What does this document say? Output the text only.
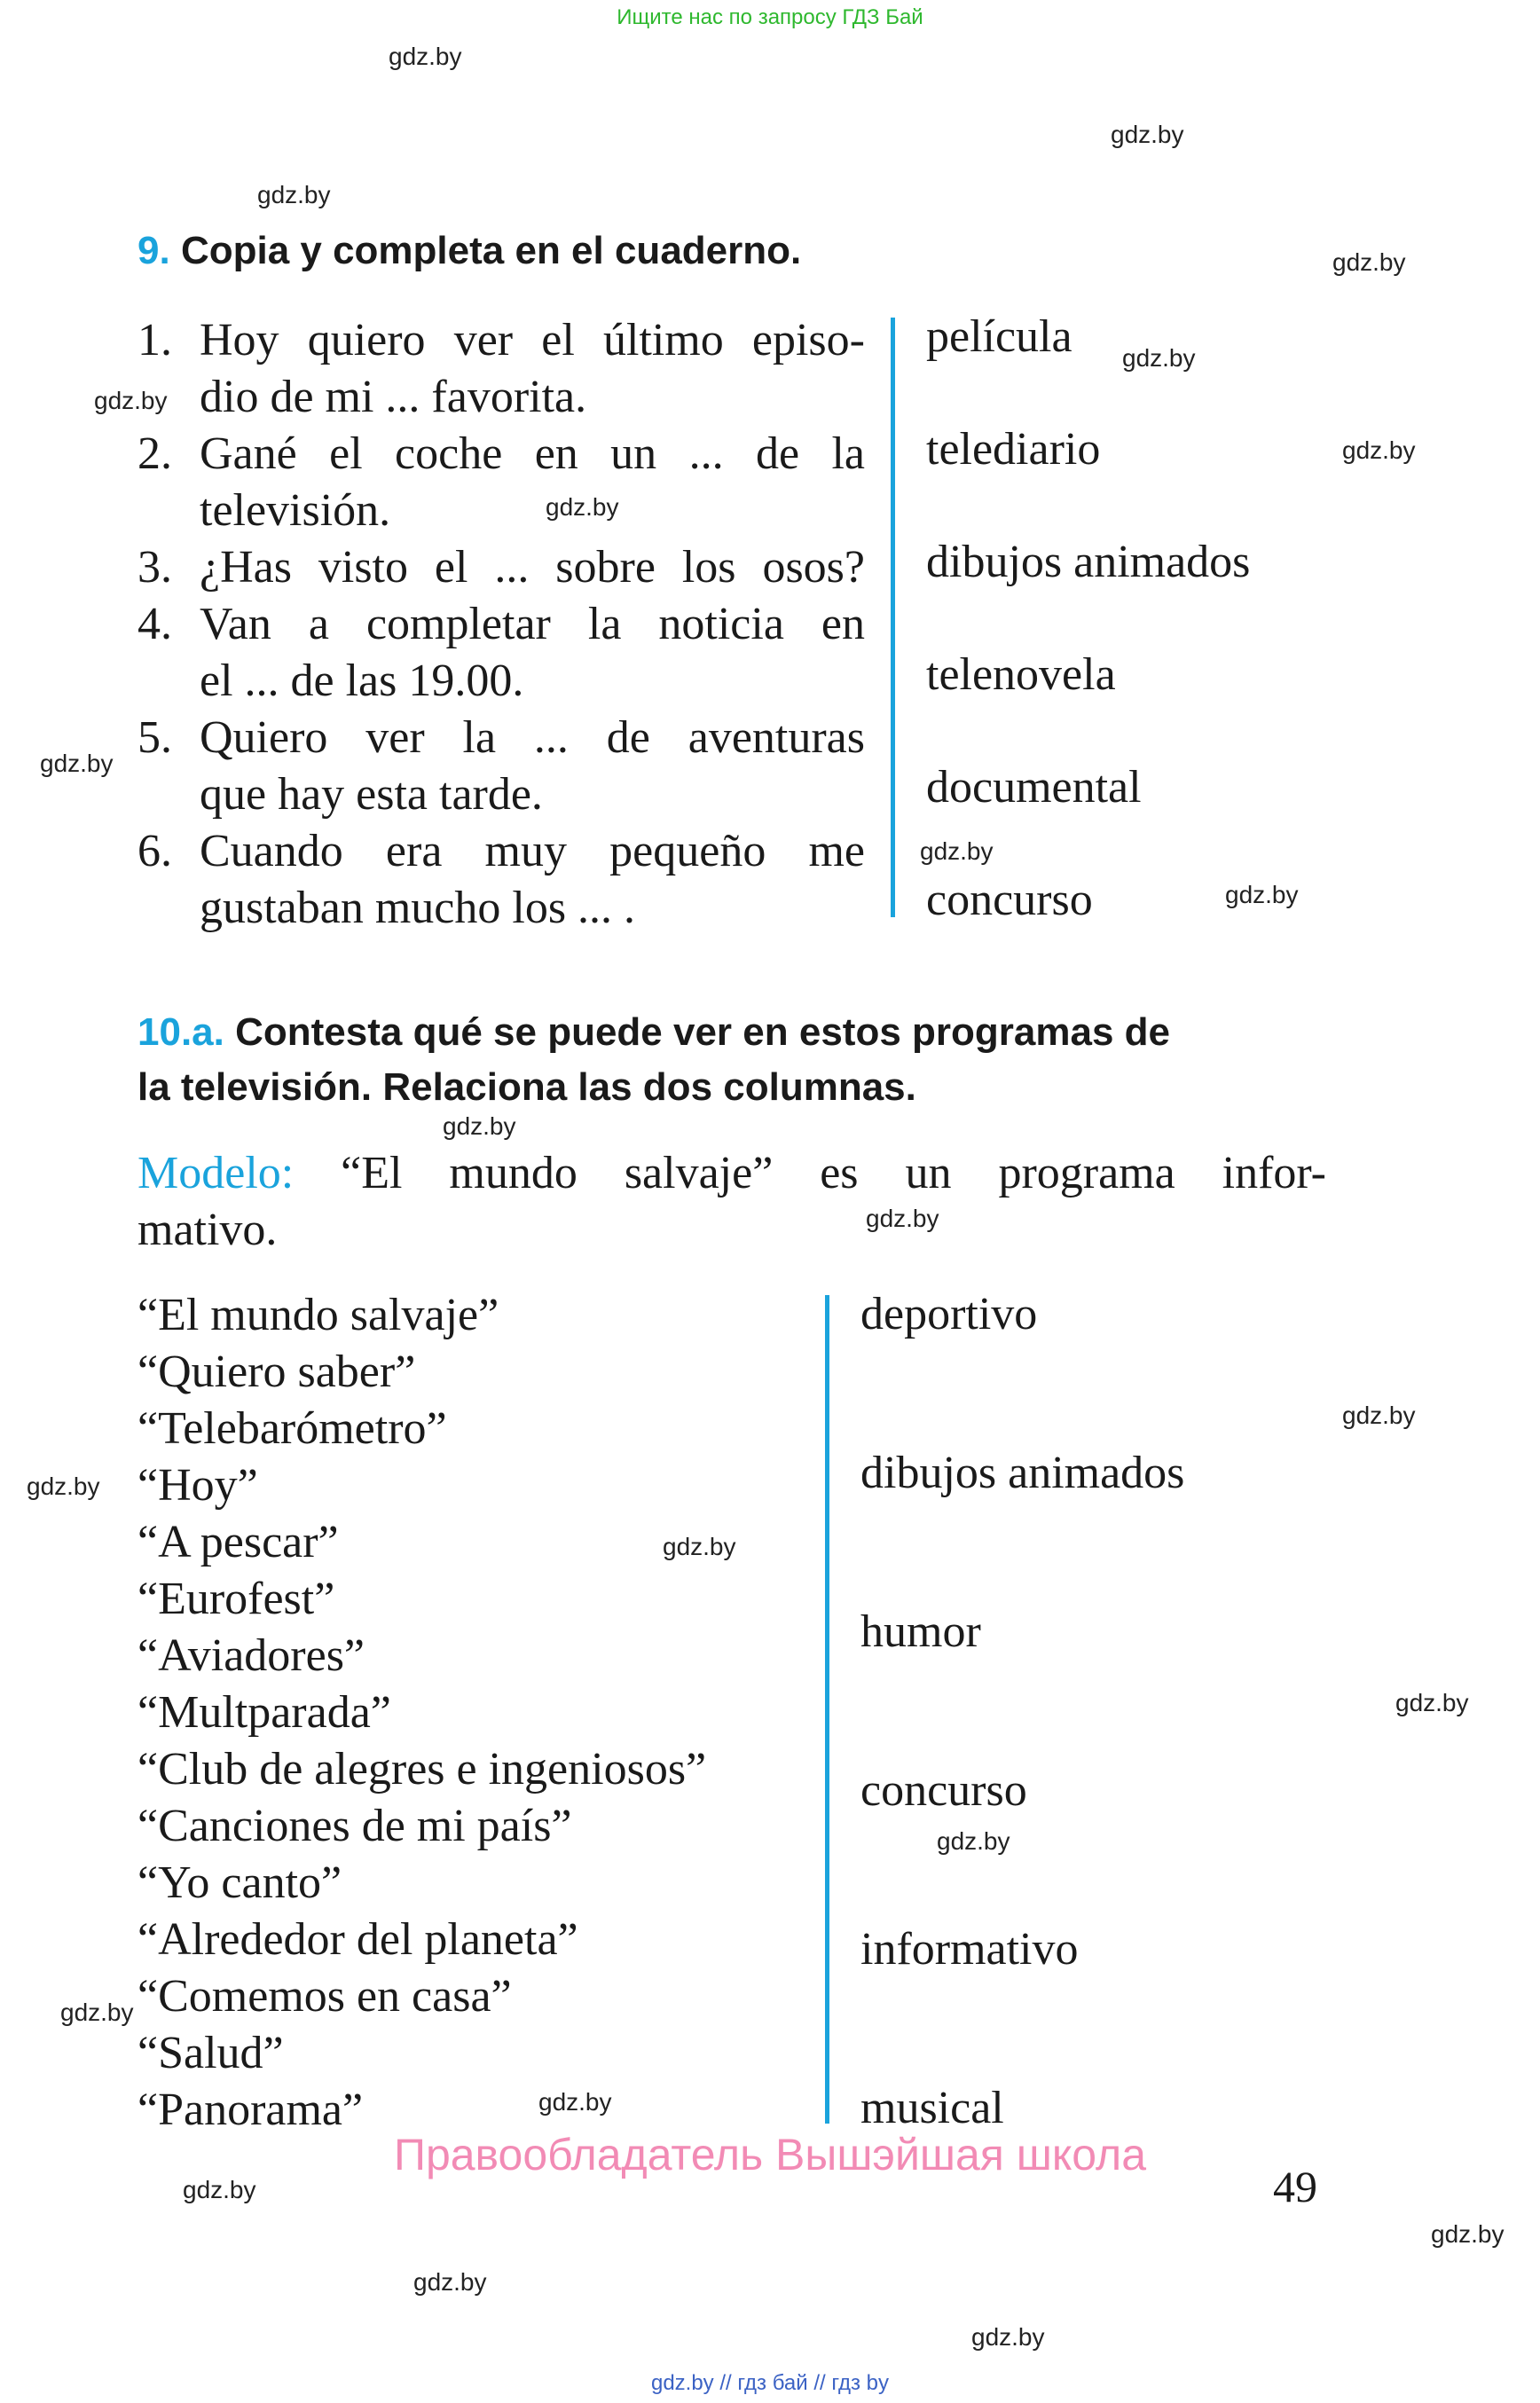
Ищите нас по запросу ГДЗ Бай
gdz.by
gdz.by
gdz.by
gdz.by
gdz.by
gdz.by
gdz.by
gdz.by
gdz.by
gdz.by
gdz.by
gdz.by
gdz.by
gdz.by
gdz.by
gdz.by
gdz.by
gdz.by
gdz.by
gdz.by
gdz.by
gdz.by
gdz.by
gdz.by
9. Copia y completa en el cuaderno.
1. Hoy quiero ver el último episo-
dio de mi ... favorita.
2. Gané el coche en un ... de la
televisión.
3. ¿Has visto el ... sobre los osos?
4. Van a completar la noticia en
el ... de las 19.00.
5. Quiero ver la ... de aventuras
que hay esta tarde.
6. Cuando era muy pequeño me
gustaban mucho los ... .
película
telediario
dibujos animados
telenovela
documental
concurso
10.a. Contesta qué se puede ver en estos programas de
la televisión. Relaciona las dos columnas.
Modelo: “El mundo salvaje” es un programa infor-
mativo.
“El mundo salvaje”
“Quiero saber”
“Telebarómetro”
“Hoy”
“A pescar”
“Eurofest”
“Aviadores”
“Multparada”
“Club de alegres e ingeniosos”
“Canciones de mi país”
“Yo canto”
“Alrededor del planeta”
“Comemos en casa”
“Salud”
“Panorama”
deportivo
dibujos animados
humor
concurso
informativo
musical
Правообладатель Вышэйшая школа
49
gdz.by // гдз бай // гдз by
